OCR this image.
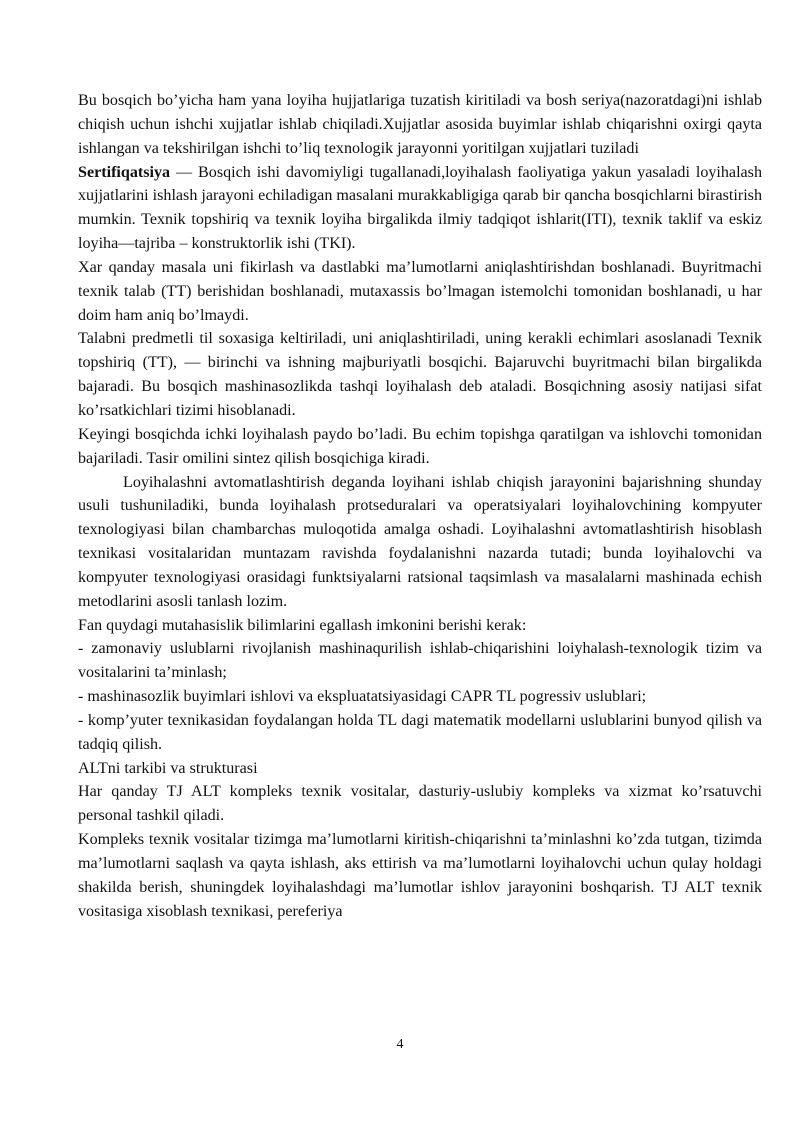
Bu bosqich bo’yicha ham yana loyiha hujjatlariga tuzatish kiritiladi va bosh seriya(nazoratdagi)ni ishlab chiqish uchun ishchi xujjatlar ishlab chiqiladi.Xujjatlar asosida buyimlar ishlab chiqarishni oxirgi qayta ishlangan va tekshirilgan ishchi to’liq texnologik jarayonni yoritilgan xujjatlari tuziladi

Sertifiqatsiya — Bosqich ishi davomiyligi tugallanadi,loyihalash faoliyatiga yakun yasaladi loyihalash xujjatlarini ishlash jarayoni echiladigan masalani murakkabligiga qarab bir qancha bosqichlarni birastirish mumkin. Texnik topshiriq va texnik loyiha birgalikda ilmiy tadqiqot ishlarit(ITI), texnik taklif va eskiz loyiha—tajriba – konstruktorlik ishi (TKI).

Xar qanday masala uni fikirlash va dastlabki ma’lumotlarni aniqlashtirishdan boshlanadi. Buyritmachi texnik talab (TT) berishidan boshlanadi, mutaxassis bo’lmagan istemolchi tomonidan boshlanadi, u har doim ham aniq bo’lmaydi.

Talabni predmetli til soxasiga keltiriladi, uni aniqlashtiriladi, uning kerakli echimlari asoslanadi Texnik topshiriq (TT), — birinchi va ishning majburiyatli bosqichi. Bajaruvchi buyritmachi bilan birgalikda bajaradi. Bu bosqich mashinasozlikda tashqi loyihalash deb ataladi. Bosqichning asosiy natijasi sifat ko’rsatkichlari tizimi hisoblanadi.

Keyingi bosqichda ichki loyihalash paydo bo’ladi. Bu echim topishga qaratilgan va ishlovchi tomonidan bajariladi. Tasir omilini sintez qilish bosqichiga kiradi.

Loyihalashni avtomatlashtirish deganda loyihani ishlab chiqish jarayonini bajarishning shunday usuli tushuniladiki, bunda loyihalash protseduralari va operatsiyalari loyihalovchining kompyuter texnologiyasi bilan chambarchas muloqotida amalga oshadi. Loyihalashni avtomatlashtirish hisoblash texnikasi vositalaridan muntazam ravishda foydalanishni nazarda tutadi; bunda loyihalovchi va kompyuter texnologiyasi orasidagi funktsiyalarni ratsional taqsimlash va masalalarni mashinada echish metodlarini asosli tanlash lozim.

Fan quydagi mutahasislik bilimlarini egallash imkonini berishi kerak:

- zamonaviy uslublarni rivojlanish mashinaqurilish ishlab-chiqarishini loiyhalash-texnologik tizim va vositalarini ta’minlash;

- mashinasozlik buyimlari ishlovi va ekspluatatsiyasidagi CAPR TL pogressiv uslublari;

- komp’yuter texnikasidan foydalangan holda TL dagi matematik modellarni uslublarini bunyod qilish va tadqiq qilish.

ALTni tarkibi va strukturasi

Har qanday TJ ALT kompleks texnik vositalar, dasturiy-uslubiy kompleks va xizmat ko’rsatuvchi personal tashkil qiladi.

Kompleks texnik vositalar tizimga ma’lumotlarni kiritish-chiqarishni ta’minlashni ko’zda tutgan, tizimda ma’lumotlarni saqlash va qayta ishlash, aks ettirish va ma’lumotlarni loyihalovchi uchun qulay holdagi shakilda berish, shuningdek loyihalashdagi ma’lumotlar ishlov jarayonini boshqarish. TJ ALT texnik vositasiga xisoblash texnikasi, pereferiya

4
